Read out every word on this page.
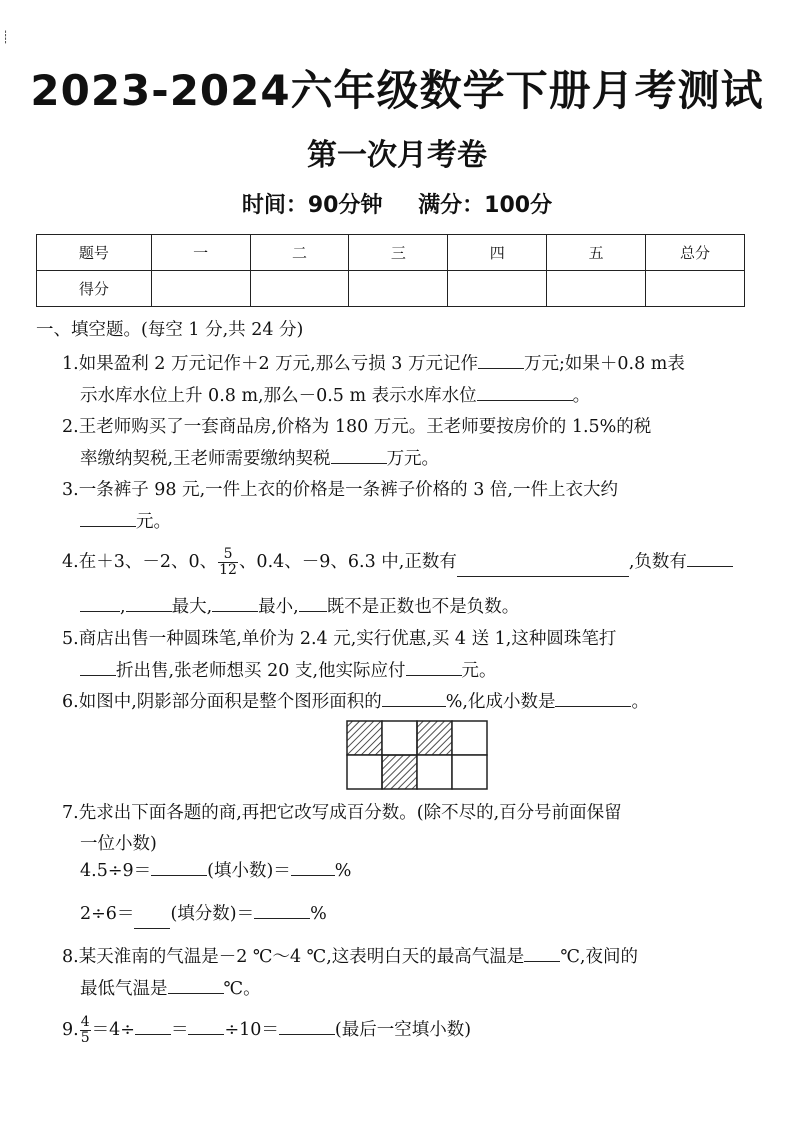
┊
2023-2024六年级数学下册月考测试
第一次月考卷
时间：90分钟 满分：100分
题号	一	二	三	四	五	总分
得分						
一、填空题。(每空 1 分,共 24 分)
1.如果盈利 2 万元记作＋2 万元,那么亏损 3 万元记作	万元;如果＋0.8 m表
示水库水位上升 0.8 m,那么－0.5 m 表示水库水位	。
2.王老师购买了一套商品房,价格为 180 万元。王老师要按房价的 1.5%的税
率缴纳契税,王老师需要缴纳契税	万元。
3.一条裤子 98 元,一件上衣的价格是一条裤子价格的 3 倍,一件上衣大约
元。
4.在＋3、－2、0、 $\frac{5}{12}$ 、0.4、－9、6.3 中,正数有	,负数有
,	最大,	最小, 既不是正数也不是负数。
5.商店出售一种圆珠笔,单价为 2.4 元,实行优惠,买 4 送 1,这种圆珠笔打
折出售,张老师想买 20 支,他实际应付	元。
6.如图中,阴影部分面积是整个图形面积的	%,化成小数是	。
7.先求出下面各题的商,再把它改写成百分数。(除不尽的,百分号前面保留
一位小数)
4.5÷9＝	(填小数)＝	%
2÷6＝ (填分数)＝	%
8.某天淮南的气温是－2 ℃～4 ℃,这表明白天的最高气温是 ℃,夜间的
最低气温是	℃。
9. $\frac{4}{5} =4\div = \div 10=$	(最后一空填小数)
